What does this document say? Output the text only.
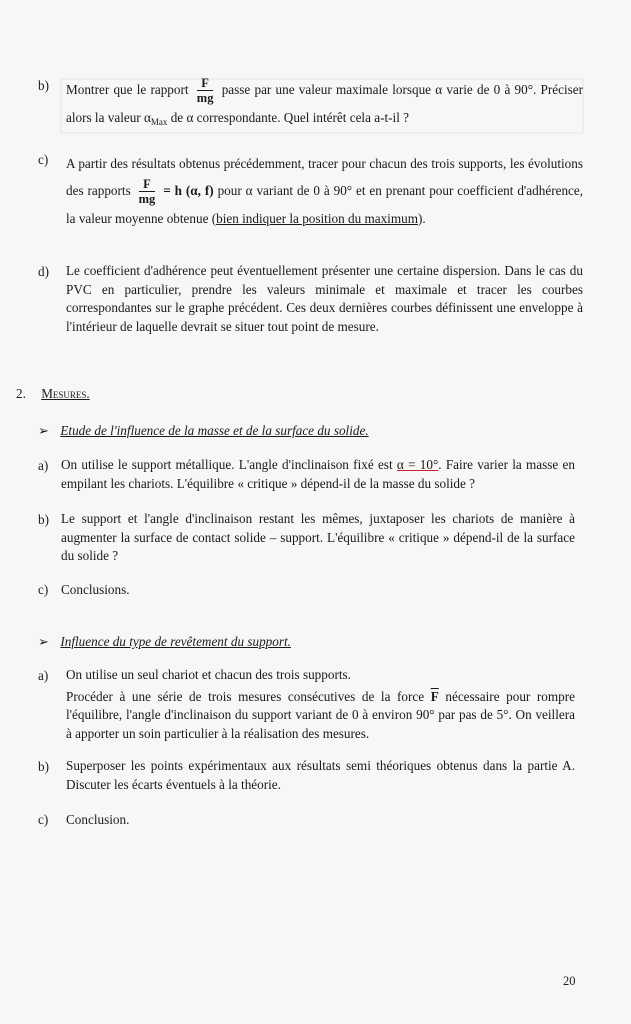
b) Montrer que le rapport $\frac{F}{mg}$ passe par une valeur maximale lorsque α varie de 0 à 90°. Préciser alors la valeur $\alpha_{Max}$ de α correspondante. Quel intérêt cela a-t-il ?
c) A partir des résultats obtenus précédemment, tracer pour chacun des trois supports, les évolutions des rapports $\frac{F}{mg} = h$ (α, f) pour α variant de 0 à 90° et en prenant pour coefficient d'adhérence, la valeur moyenne obtenue (bien indiquer la position du maximum).
d) Le coefficient d'adhérence peut éventuellement présenter une certaine dispersion. Dans le cas du PVC en particulier, prendre les valeurs minimale et maximale et tracer les courbes correspondantes sur le graphe précédent. Ces deux dernières courbes définissent une enveloppe à l'intérieur de laquelle devrait se situer tout point de mesure.
2. Mesures.
➢ Etude de l'influence de la masse et de la surface du solide.
a) On utilise le support métallique. L'angle d'inclinaison fixé est α = 10°. Faire varier la masse en empilant les chariots. L'équilibre « critique » dépend-il de la masse du solide ?
b) Le support et l'angle d'inclinaison restant les mêmes, juxtaposer les chariots de manière à augmenter la surface de contact solide – support. L'équilibre « critique » dépend-il de la surface du solide ?
c) Conclusions.
➢ Influence du type de revêtement du support.
a) On utilise un seul chariot et chacun des trois supports.
Procéder à une série de trois mesures consécutives de la force $\overline{F}$ nécessaire pour rompre l'équilibre, l'angle d'inclinaison du support variant de 0 à environ 90° par pas de 5°. On veillera à apporter un soin particulier à la réalisation des mesures.
b) Superposer les points expérimentaux aux résultats semi théoriques obtenus dans la partie A. Discuter les écarts éventuels à la théorie.
c) Conclusion.
20
